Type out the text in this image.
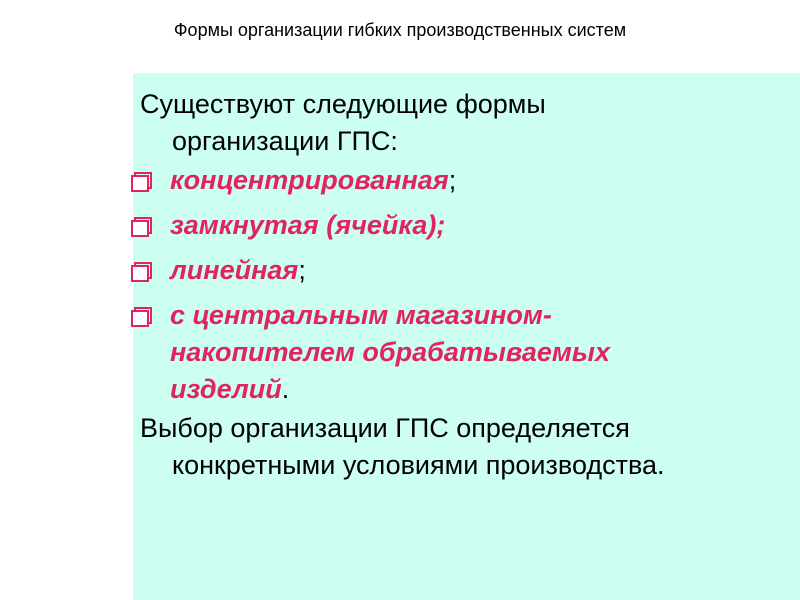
Формы организации гибких производственных систем
Существуют следующие формы
организации ГПС:
концентрированная;
замкнутая (ячейка);
линейная;
с центральным магазином-
накопителем обрабатываемых
изделий.
Выбор организации ГПС определяется
конкретными условиями производства.
